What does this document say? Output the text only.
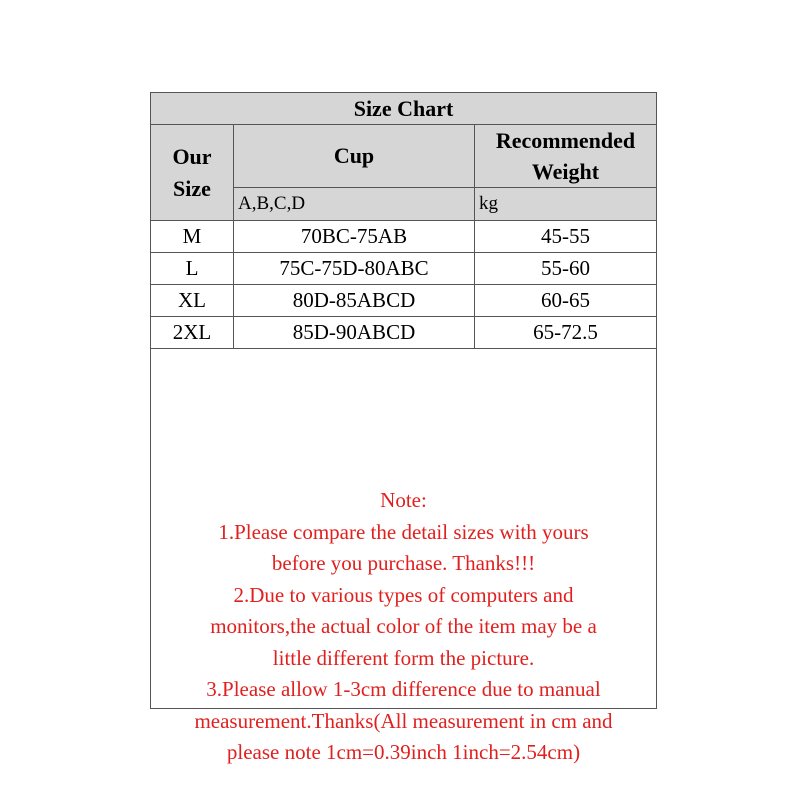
Size Chart		
Our Size	Cup	Recommended Weight
	A,B,C,D	kg
M	70BC-75AB	45-55
L	75C-75D-80ABC	55-60
XL	80D-85ABCD	60-65
2XL	85D-90ABCD	65-72.5

Note:

1.Please compare the detail sizes with yours

before you purchase. Thanks!!!

2.Due to various types of computers and

monitors,the actual color of the item may be a

little different form the picture.

3.Please allow 1-3cm difference due to manual

measurement.Thanks(All measurement in cm and

please note 1cm=0.39inch 1inch=2.54cm)
